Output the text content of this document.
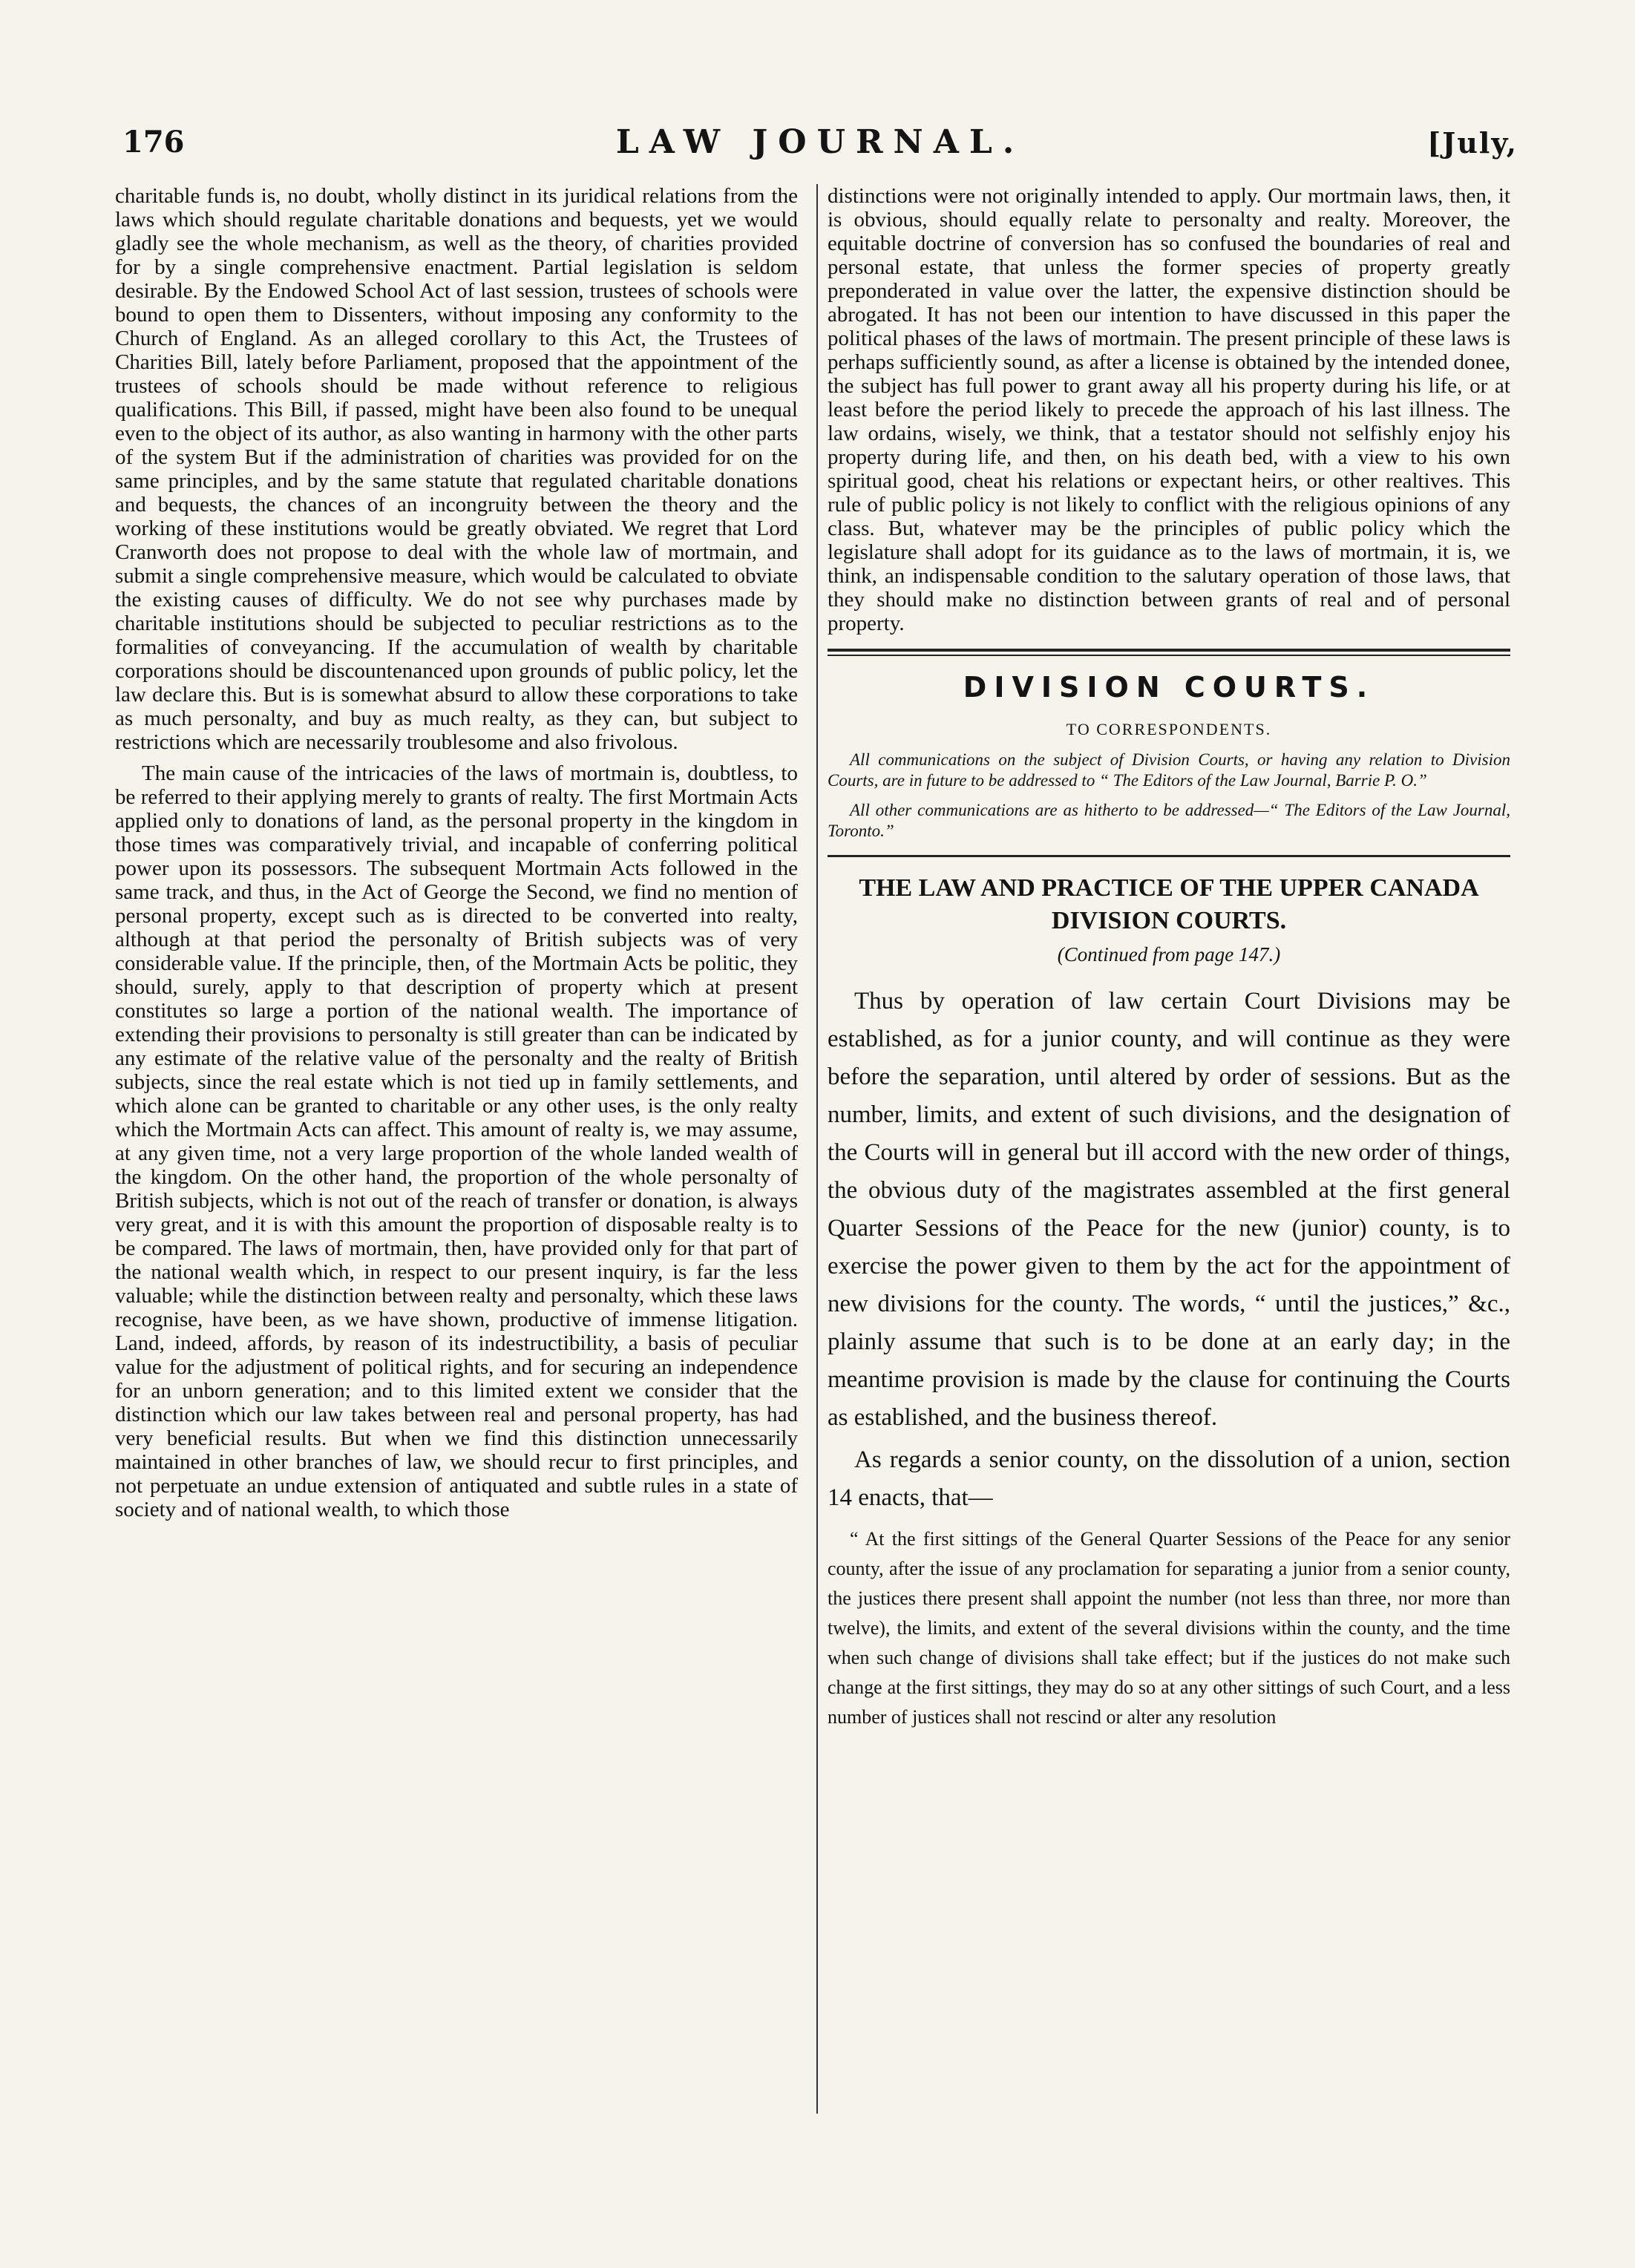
176	LAW JOURNAL.	[July,

charitable funds is, no doubt, wholly distinct in its juridical relations from the laws which should regulate charitable donations and bequests, yet we would gladly see the whole mechanism, as well as the theory, of charities provided for by a single comprehensive enactment. Partial legislation is seldom desirable. By the Endowed School Act of last session, trustees of schools were bound to open them to Dissenters, without imposing any conformity to the Church of England. As an alleged corollary to this Act, the Trustees of Charities Bill, lately before Parliament, proposed that the appointment of the trustees of schools should be made without reference to religious qualifications. This Bill, if passed, might have been also found to be unequal even to the object of its author, as also wanting in harmony with the other parts of the system But if the administration of charities was provided for on the same principles, and by the same statute that regulated charitable donations and bequests, the chances of an incongruity between the theory and the working of these institutions would be greatly obviated. We regret that Lord Cranworth does not propose to deal with the whole law of mortmain, and submit a single comprehensive measure, which would be calculated to obviate the existing causes of difficulty. We do not see why purchases made by charitable institutions should be subjected to peculiar restrictions as to the formalities of conveyancing. If the accumulation of wealth by charitable corporations should be discountenanced upon grounds of public policy, let the law declare this. But is is somewhat absurd to allow these corporations to take as much personalty, and buy as much realty, as they can, but subject to restrictions which are necessarily troublesome and also frivolous.

The main cause of the intricacies of the laws of mortmain is, doubtless, to be referred to their applying merely to grants of realty. The first Mortmain Acts applied only to donations of land, as the personal property in the kingdom in those times was comparatively trivial, and incapable of conferring political power upon its possessors. The subsequent Mortmain Acts followed in the same track, and thus, in the Act of George the Second, we find no mention of personal property, except such as is directed to be converted into realty, although at that period the personalty of British subjects was of very considerable value. If the principle, then, of the Mortmain Acts be politic, they should, surely, apply to that description of property which at present constitutes so large a portion of the national wealth. The importance of extending their provisions to personalty is still greater than can be indicated by any estimate of the relative value of the personalty and the realty of British subjects, since the real estate which is not tied up in family settlements, and which alone can be granted to charitable or any other uses, is the only realty which the Mortmain Acts can affect. This amount of realty is, we may assume, at any given time, not a very large proportion of the whole landed wealth of the kingdom. On the other hand, the proportion of the whole personalty of British subjects, which is not out of the reach of transfer or donation, is always very great, and it is with this amount the proportion of disposable realty is to be compared. The laws of mortmain, then, have provided only for that part of the national wealth which, in respect to our present inquiry, is far the less valuable; while the distinction between realty and personalty, which these laws recognise, have been, as we have shown, productive of immense litigation. Land, indeed, affords, by reason of its indestructibility, a basis of peculiar value for the adjustment of political rights, and for securing an independence for an unborn generation; and to this limited extent we consider that the distinction which our law takes between real and personal property, has had very beneficial results. But when we find this distinction unnecessarily maintained in other branches of law, we should recur to first principles, and not perpetuate an undue extension of antiquated and subtle rules in a state of society and of national wealth, to which those

distinctions were not originally intended to apply. Our mortmain laws, then, it is obvious, should equally relate to personalty and realty. Moreover, the equitable doctrine of conversion has so confused the boundaries of real and personal estate, that unless the former species of property greatly preponderated in value over the latter, the expensive distinction should be abrogated. It has not been our intention to have discussed in this paper the political phases of the laws of mortmain. The present principle of these laws is perhaps sufficiently sound, as after a license is obtained by the intended donee, the subject has full power to grant away all his property during his life, or at least before the period likely to precede the approach of his last illness. The law ordains, wisely, we think, that a testator should not selfishly enjoy his property during life, and then, on his death bed, with a view to his own spiritual good, cheat his relations or expectant heirs, or other realtives. This rule of public policy is not likely to conflict with the religious opinions of any class. But, whatever may be the principles of public policy which the legislature shall adopt for its guidance as to the laws of mortmain, it is, we think, an indispensable condition to the salutary operation of those laws, that they should make no distinction between grants of real and of personal property.

DIVISION COURTS.
TO CORRESPONDENTS.

All communications on the subject of Division Courts, or having any relation to Division Courts, are in future to be addressed to “ The Editors of the Law Journal, Barrie P. O.”

All other communications are as hitherto to be addressed—“ The Editors of the Law Journal, Toronto.”

THE LAW AND PRACTICE OF THE UPPER CANADA DIVISION COURTS.
(Continued from page 147.)

Thus by operation of law certain Court Divisions may be established, as for a junior county, and will continue as they were before the separation, until altered by order of sessions. But as the number, limits, and extent of such divisions, and the designation of the Courts will in general but ill accord with the new order of things, the obvious duty of the magistrates assembled at the first general Quarter Sessions of the Peace for the new (junior) county, is to exercise the power given to them by the act for the appointment of new divisions for the county. The words, “ until the justices,” &c., plainly assume that such is to be done at an early day; in the meantime provision is made by the clause for continuing the Courts as established, and the business thereof.

As regards a senior county, on the dissolution of a union, section 14 enacts, that—

“ At the first sittings of the General Quarter Sessions of the Peace for any senior county, after the issue of any proclamation for separating a junior from a senior county, the justices there present shall appoint the number (not less than three, nor more than twelve), the limits, and extent of the several divisions within the county, and the time when such change of divisions shall take effect; but if the justices do not make such change at the first sittings, they may do so at any other sittings of such Court, and a less number of justices shall not rescind or alter any resolution
